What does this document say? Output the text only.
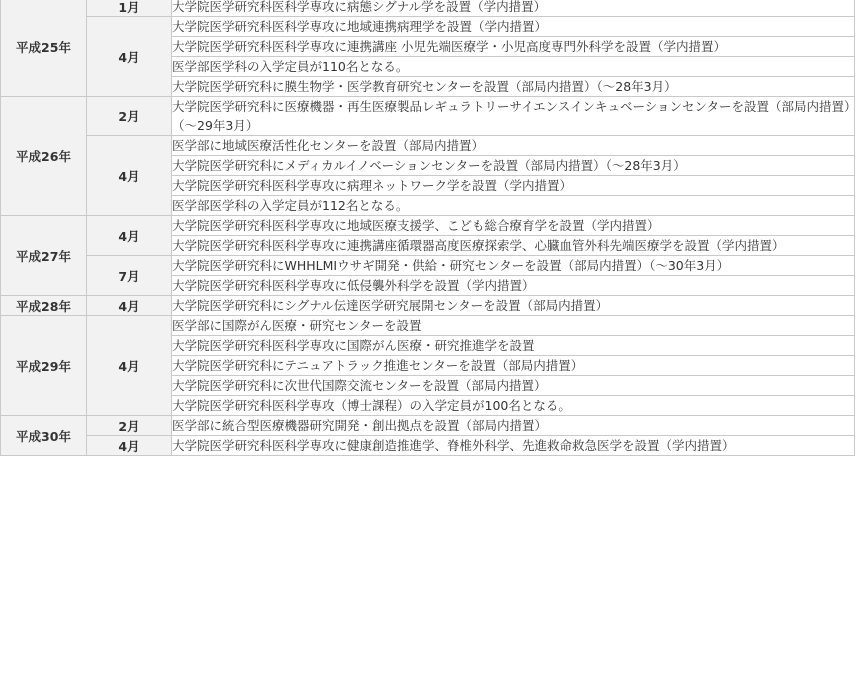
平成25年	1月	大学院医学研究科医科学専攻に病態シグナル学を設置（学内措置）
	4月	大学院医学研究科医科学専攻に地域連携病理学を設置（学内措置）
		大学院医学研究科医科学専攻に連携講座 小児先端医療学・小児高度専門外科学を設置（学内措置）
		医学部医学科の入学定員が110名となる。
		大学院医学研究科に膜生物学・医学教育研究センターを設置（部局内措置）（～28年3月）
平成26年	2月	大学院医学研究科に医療機器・再生医療製品レギュラトリーサイエンスインキュベーションセンターを設置（部局内措置）（～29年3月）
	4月	医学部に地域医療活性化センターを設置（部局内措置）
		大学院医学研究科にメディカルイノベーションセンターを設置（部局内措置）（～28年3月）
		大学院医学研究科医科学専攻に病理ネットワーク学を設置（学内措置）
		医学部医学科の入学定員が112名となる。
平成27年	4月	大学院医学研究科医科学専攻に地域医療支援学、こども総合療育学を設置（学内措置）
		大学院医学研究科医科学専攻に連携講座循環器高度医療探索学、心臓血管外科先端医療学を設置（学内措置）
	7月	大学院医学研究科にWHHLMIウサギ開発・供給・研究センターを設置（部局内措置）（～30年3月）
		大学院医学研究科医科学専攻に低侵襲外科学を設置（学内措置）
平成28年	4月	大学院医学研究科にシグナル伝達医学研究展開センターを設置（部局内措置）
平成29年	4月	医学部に国際がん医療・研究センターを設置
		大学院医学研究科医科学専攻に国際がん医療・研究推進学を設置
		大学院医学研究科にテニュアトラック推進センターを設置（部局内措置）
		大学院医学研究科に次世代国際交流センターを設置（部局内措置）
		大学院医学研究科医科学専攻（博士課程）の入学定員が100名となる。
平成30年	2月	医学部に統合型医療機器研究開発・創出拠点を設置（部局内措置）
	4月	大学院医学研究科医科学専攻に健康創造推進学、脊椎外科学、先進救命救急医学を設置（学内措置）
